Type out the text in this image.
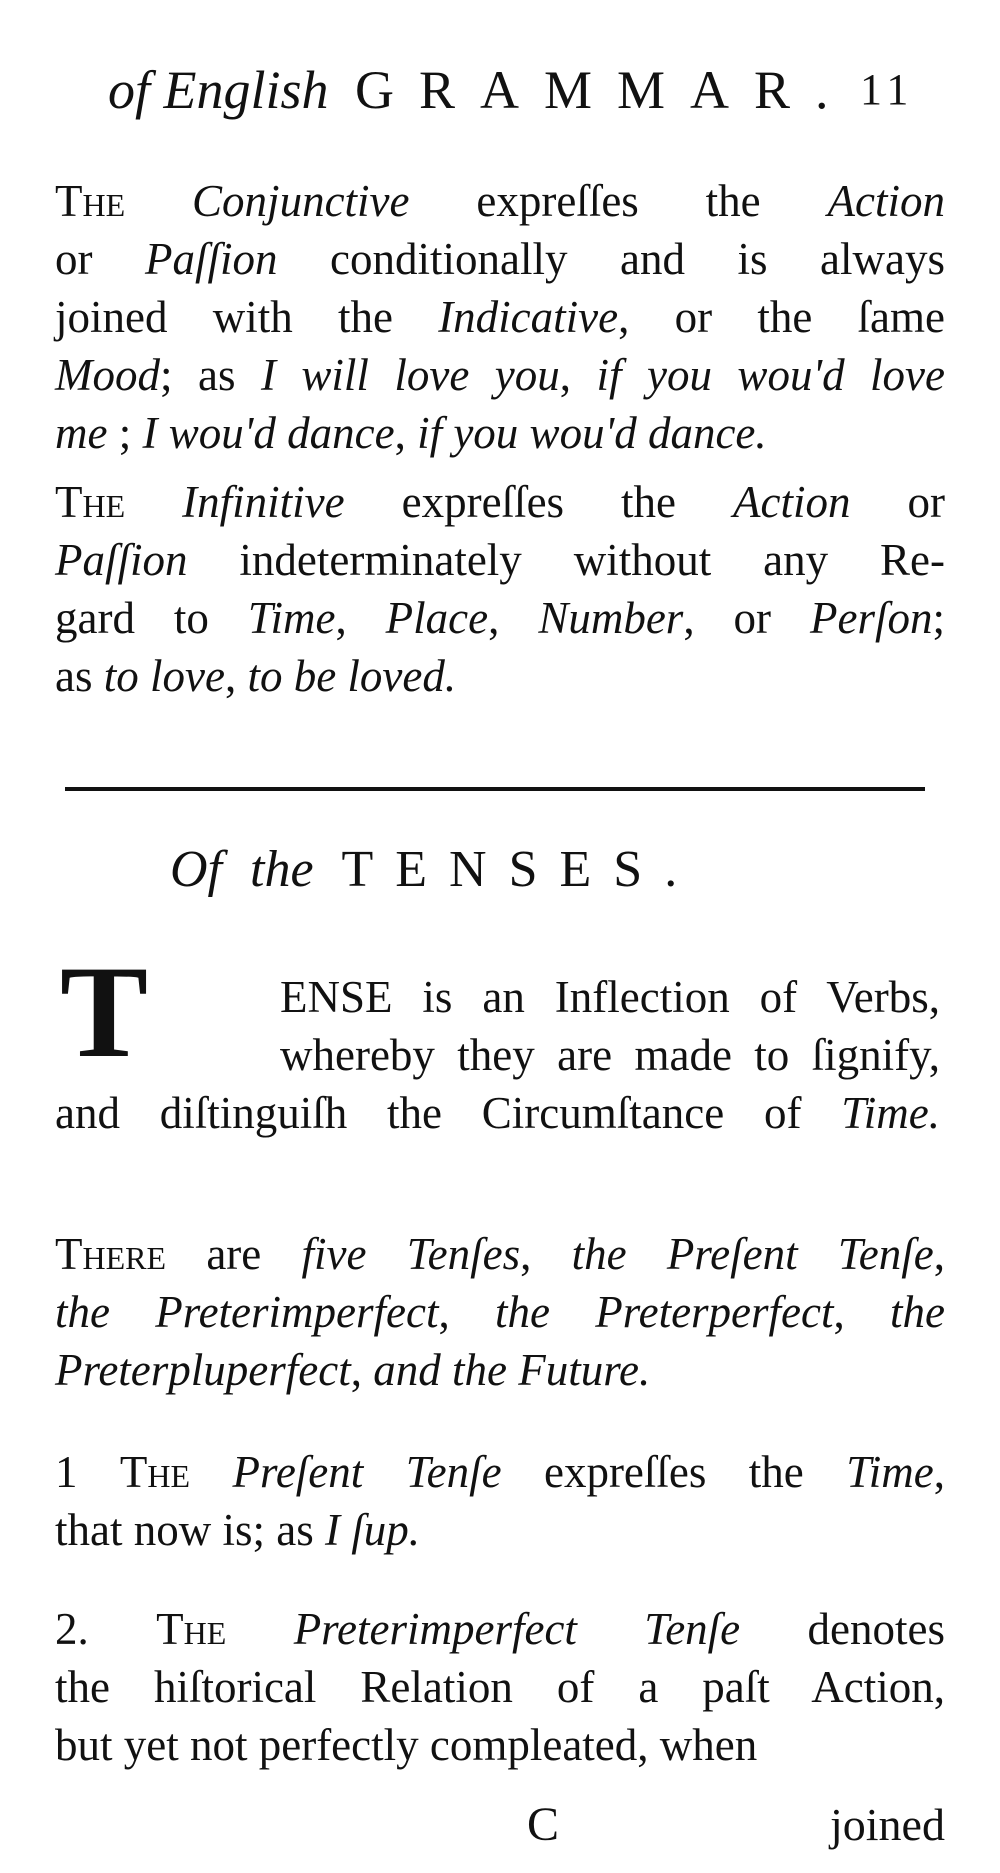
of English GRAMMAR. 11
The Conjunctive expreſſes the Action
or Paſſion conditionally and is always
joined with the Indicative, or the ſame
Mood; as I will love you, if you wou'd love
me ; I wou'd dance, if you wou'd dance.
The Infinitive expreſſes the Action or
Paſſion indeterminately without any Re-
gard to Time, Place, Number, or Perſon;
as to love, to be loved.
Of the TENSES.
T	ENSE is an Inflection of Verbs,
whereby they are made to ſignify,
and diſtinguiſh the Circumſtance of Time.
There are five Tenſes, the Preſent Tenſe,
the Preterimperfect, the Preterperfect, the
Preterpluperfect, and the Future.
1 The Preſent Tenſe expreſſes the Time,
that now is; as I ſup.
2. The Preterimperfect Tenſe denotes
the hiſtorical Relation of a paſt Action,
but yet not perfectly compleated, when
C	joined
